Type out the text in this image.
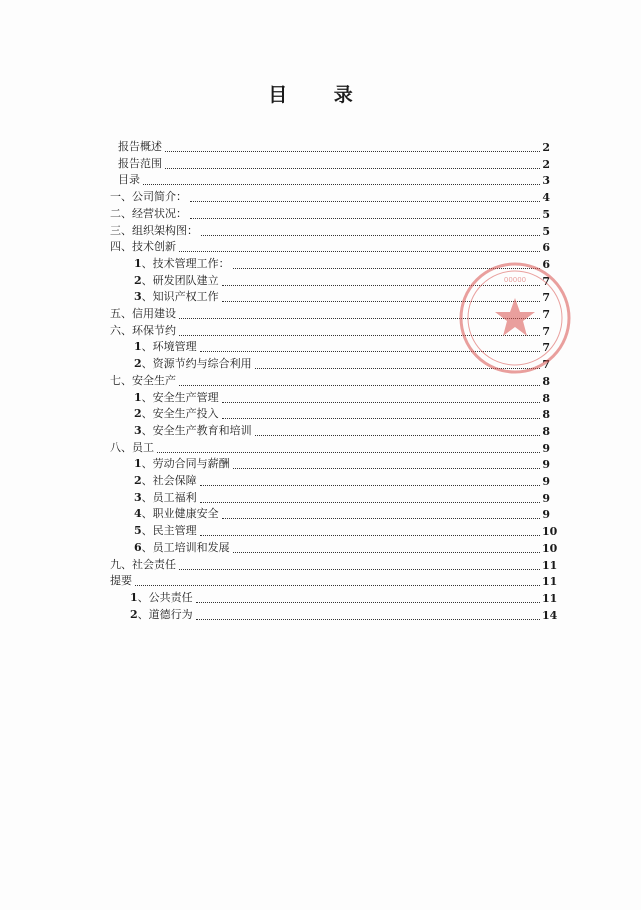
目 录
报告概述	2
报告范围	2
目录	3
一、公司简介：	4
二、经营状况：	5
三、组织架构图：	5
四、技术创新	6
1、技术管理工作：	6
2、研发团队建立	7
3、知识产权工作	7
五、信用建设	7
六、环保节约	7
1、环境管理	7
2、资源节约与综合利用	7
七、安全生产	8
1、安全生产管理	8
2、安全生产投入	8
3、安全生产教育和培训	8
八、员工	9
1、劳动合同与薪酬	9
2、社会保障	9
3、员工福利	9
4、职业健康安全	9
5、民主管理	10
6、员工培训和发展	10
九、社会责任	11
提要	11
1、公共责任	11
2、道德行为	14
00000
